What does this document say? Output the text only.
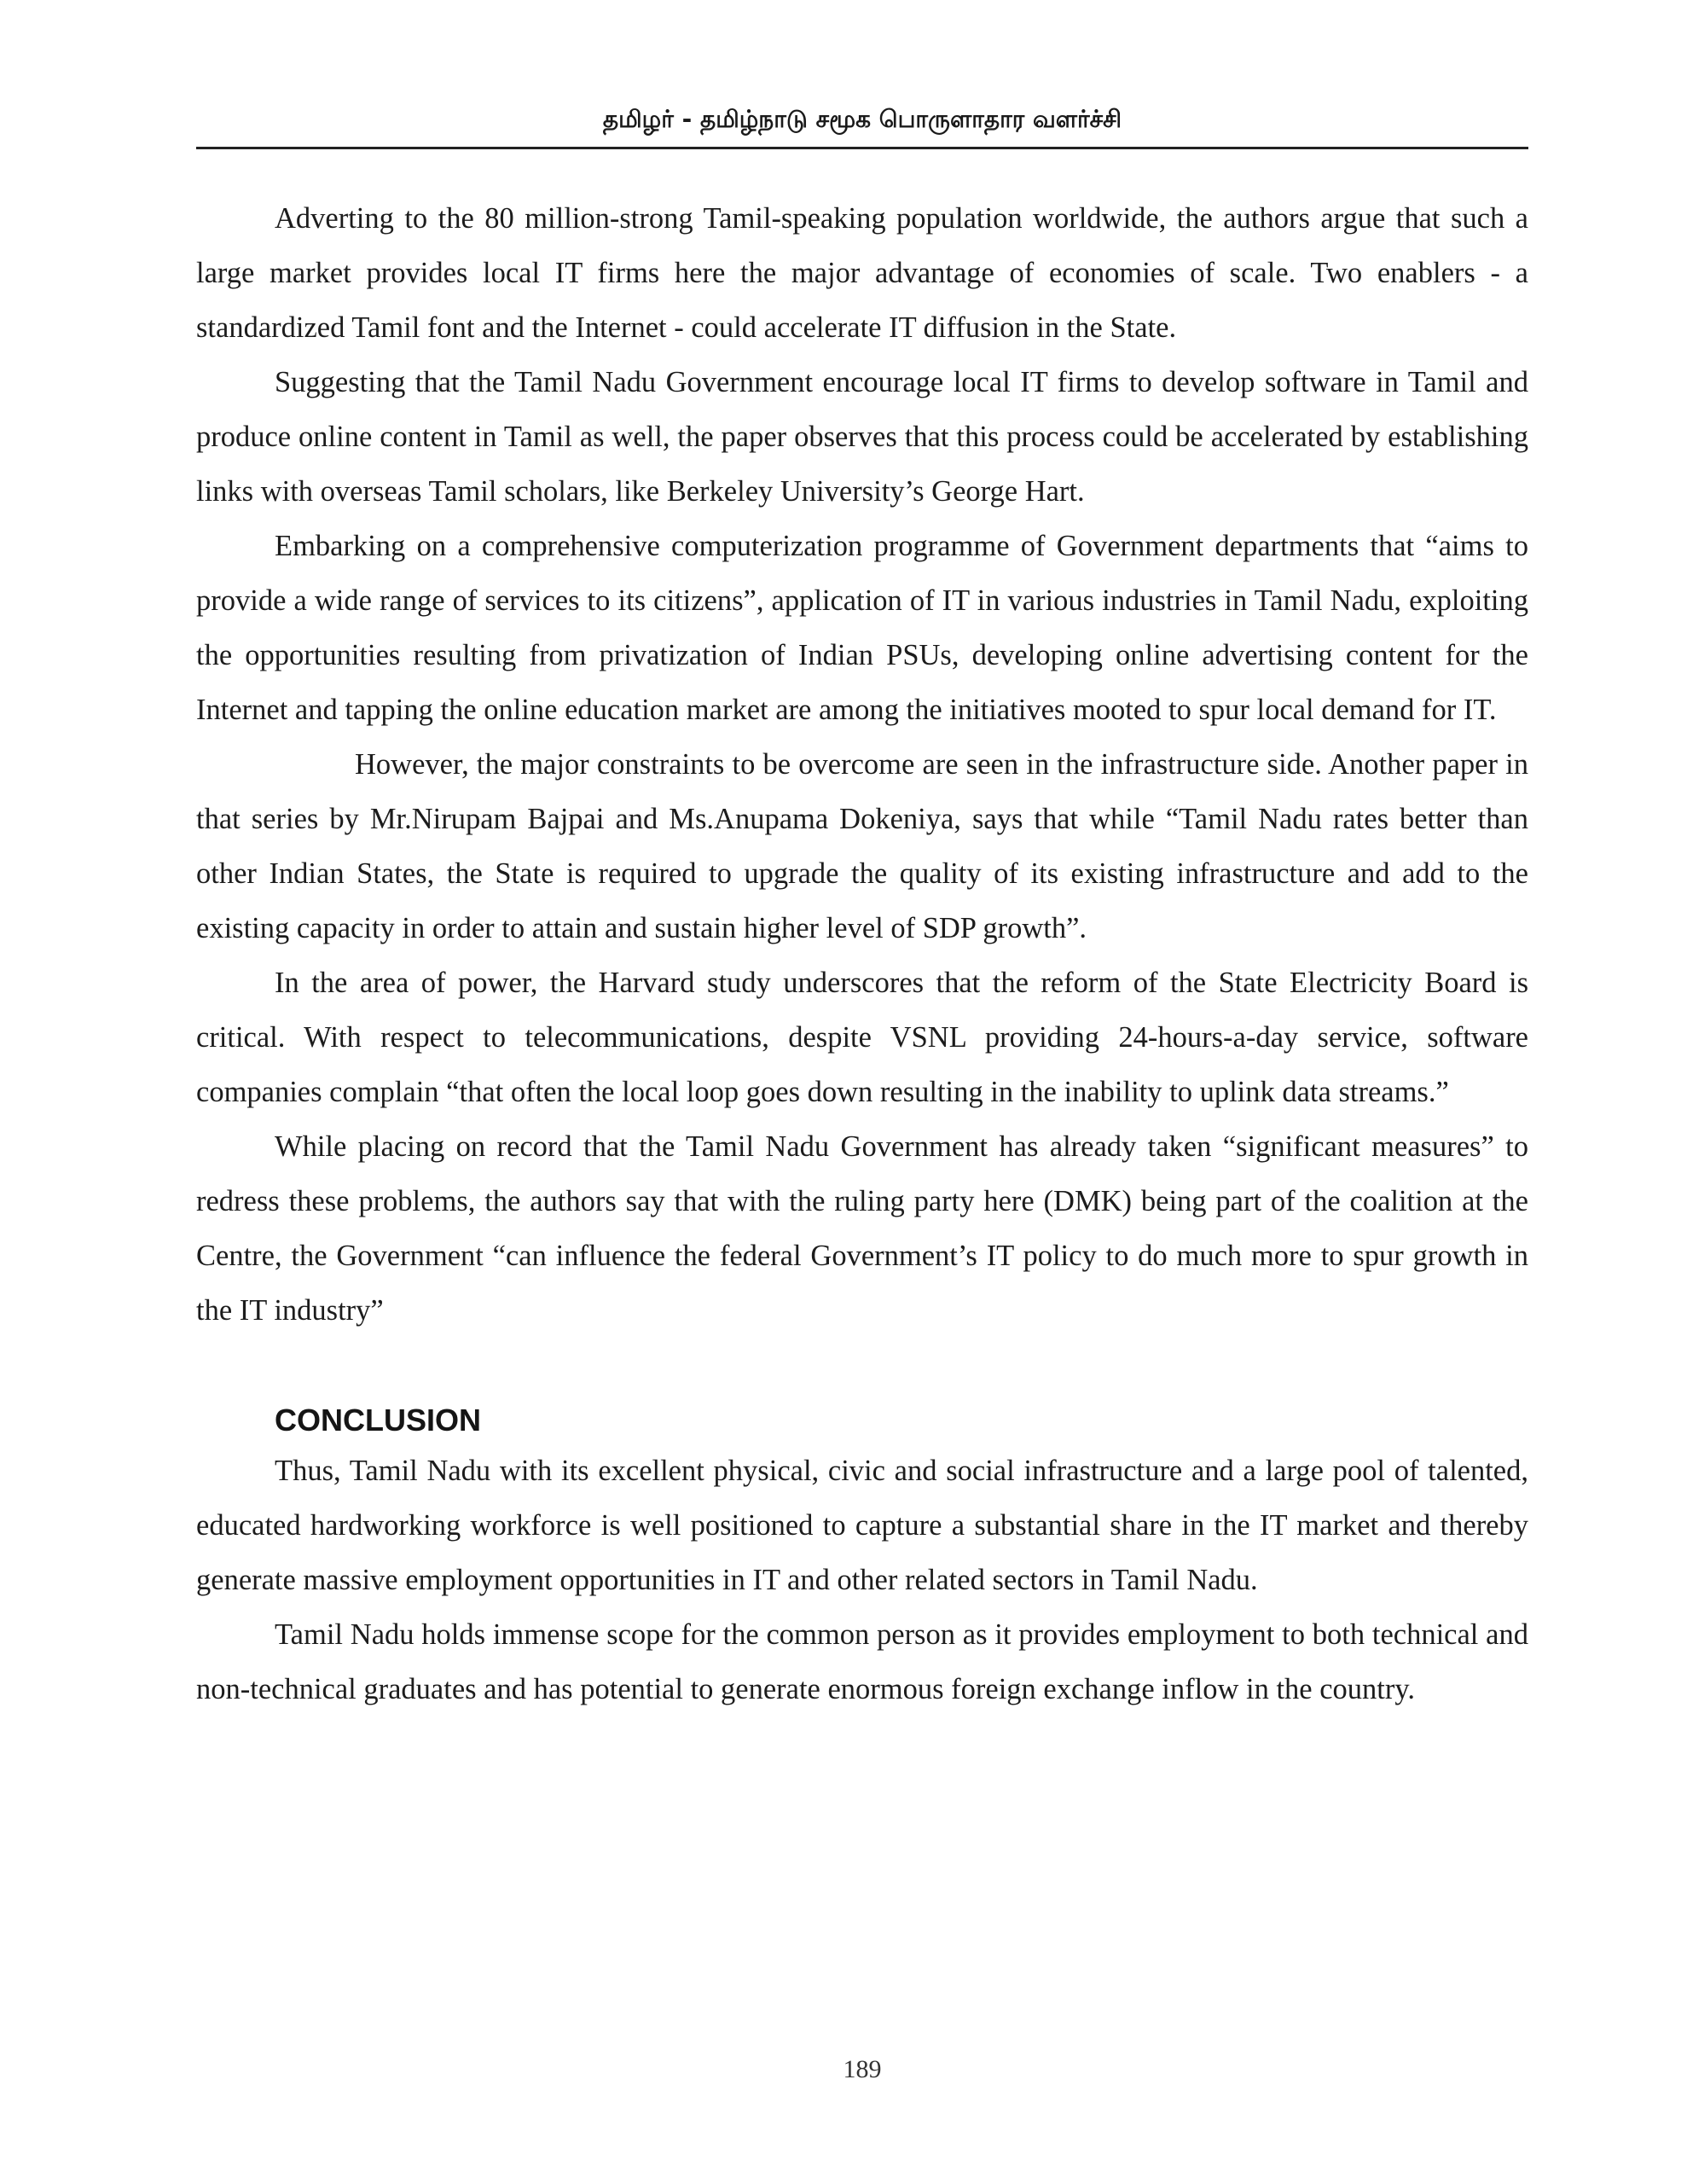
தமிழர் - தமிழ்நாடு சமூக பொருளாதார வளர்ச்சி

Adverting to the 80 million-strong Tamil-speaking population worldwide, the authors argue that such a large market provides local IT firms here the major advantage of economies of scale. Two enablers - a standardized Tamil font and the Internet - could accelerate IT diffusion in the State.

Suggesting that the Tamil Nadu Government encourage local IT firms to develop software in Tamil and produce online content in Tamil as well, the paper observes that this process could be accelerated by establishing links with overseas Tamil scholars, like Berkeley University’s George Hart.

Embarking on a comprehensive computerization programme of Government departments that “aims to provide a wide range of services to its citizens”, application of IT in various industries in Tamil Nadu, exploiting the opportunities resulting from privatization of Indian PSUs, developing online advertising content for the Internet and tapping the online education market are among the initiatives mooted to spur local demand for IT.

However, the major constraints to be overcome are seen in the infrastructure side. Another paper in that series by Mr.Nirupam Bajpai and Ms.Anupama Dokeniya, says that while “Tamil Nadu rates better than other Indian States, the State is required to upgrade the quality of its existing infrastructure and add to the existing capacity in order to attain and sustain higher level of SDP growth”.

In the area of power, the Harvard study underscores that the reform of the State Electricity Board is critical. With respect to telecommunications, despite VSNL providing 24-hours-a-day service, software companies complain “that often the local loop goes down resulting in the inability to uplink data streams.”

While placing on record that the Tamil Nadu Government has already taken “significant measures” to redress these problems, the authors say that with the ruling party here (DMK) being part of the coalition at the Centre, the Government “can influence the federal Government’s IT policy to do much more to spur growth in the IT industry”

CONCLUSION

Thus, Tamil Nadu with its excellent physical, civic and social infrastructure and a large pool of talented, educated hardworking workforce is well positioned to capture a substantial share in the IT market and thereby generate massive employment opportunities in IT and other related sectors in Tamil Nadu.

Tamil Nadu holds immense scope for the common person as it provides employment to both technical and non-technical graduates and has potential to generate enormous foreign exchange inflow in the country.

189
